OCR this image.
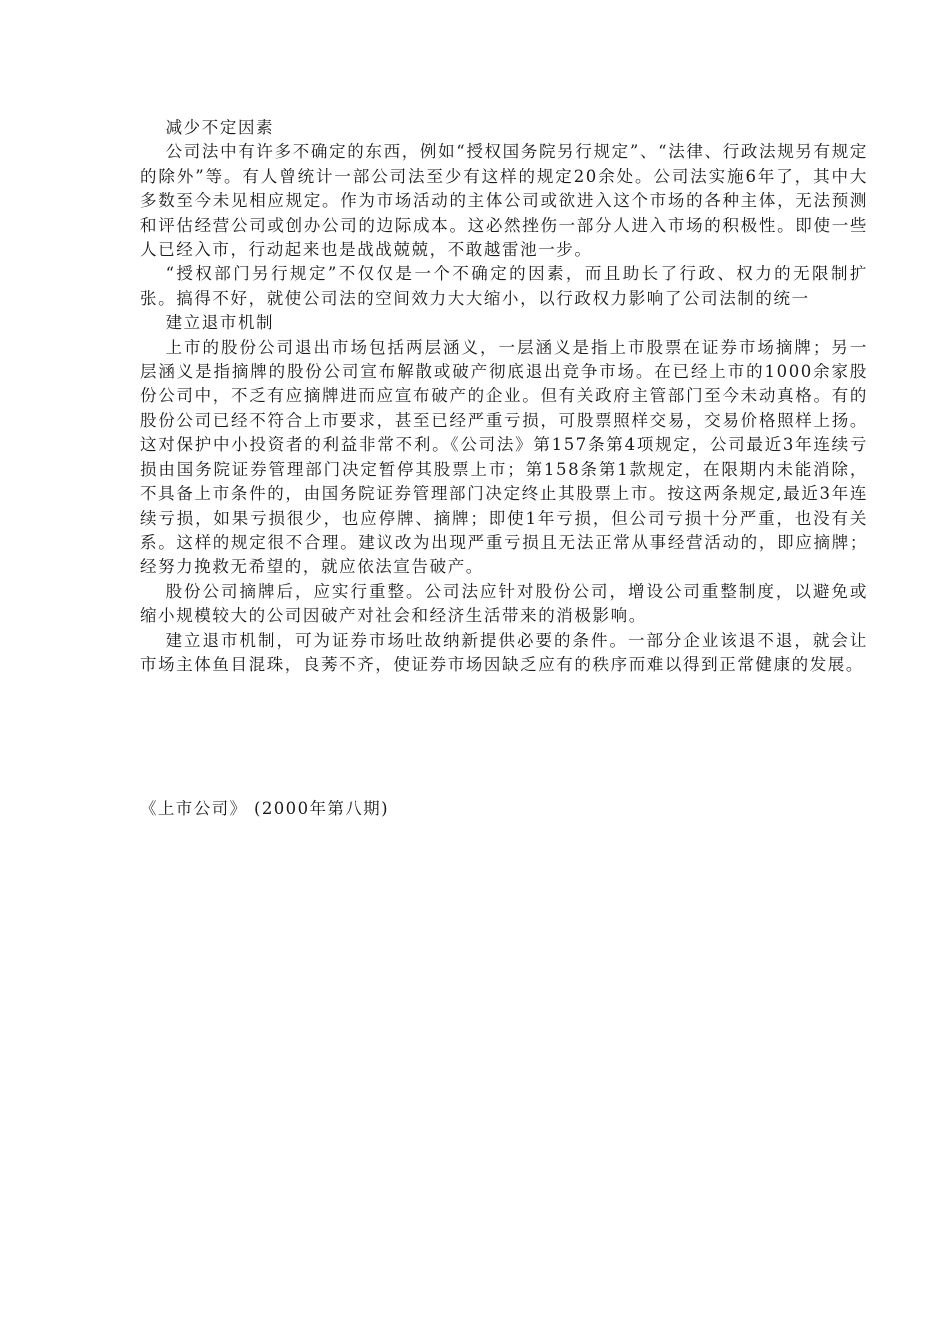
减少不定因素

公司法中有许多不确定的东西，例如“授权国务院另行规定”、“法律、行政法规另有规定的除外”等。有人曾统计一部公司法至少有这样的规定20余处。公司法实施6年了，其中大多数至今未见相应规定。作为市场活动的主体公司或欲进入这个市场的各种主体，无法预测和评估经营公司或创办公司的边际成本。这必然挫伤一部分人进入市场的积极性。即使一些人已经入市，行动起来也是战战兢兢，不敢越雷池一步。

“授权部门另行规定”不仅仅是一个不确定的因素，而且助长了行政、权力的无限制扩张。搞得不好，就使公司法的空间效力大大缩小，以行政权力影响了公司法制的统一

建立退市机制

上市的股份公司退出市场包括两层涵义，一层涵义是指上市股票在证券市场摘牌；另一层涵义是指摘牌的股份公司宣布解散或破产彻底退出竞争市场。在已经上市的1000余家股份公司中，不乏有应摘牌进而应宣布破产的企业。但有关政府主管部门至今未动真格。有的股份公司已经不符合上市要求，甚至已经严重亏损，可股票照样交易，交易价格照样上扬。这对保护中小投资者的利益非常不利。《公司法》第157条第4项规定，公司最近3年连续亏损由国务院证券管理部门决定暂停其股票上市；第158条第1款规定，在限期内未能消除，不具备上市条件的，由国务院证券管理部门决定终止其股票上市。按这两条规定,最近3年连续亏损，如果亏损很少，也应停牌、摘牌；即使1年亏损，但公司亏损十分严重，也没有关系。这样的规定很不合理。建议改为出现严重亏损且无法正常从事经营活动的，即应摘牌；经努力挽救无希望的，就应依法宣告破产。

股份公司摘牌后，应实行重整。公司法应针对股份公司，增设公司重整制度，以避免或缩小规模较大的公司因破产对社会和经济生活带来的消极影响。

建立退市机制，可为证券市场吐故纳新提供必要的条件。一部分企业该退不退，就会让市场主体鱼目混珠，良莠不齐，使证券市场因缺乏应有的秩序而难以得到正常健康的发展。

《上市公司》 (2000年第八期)
